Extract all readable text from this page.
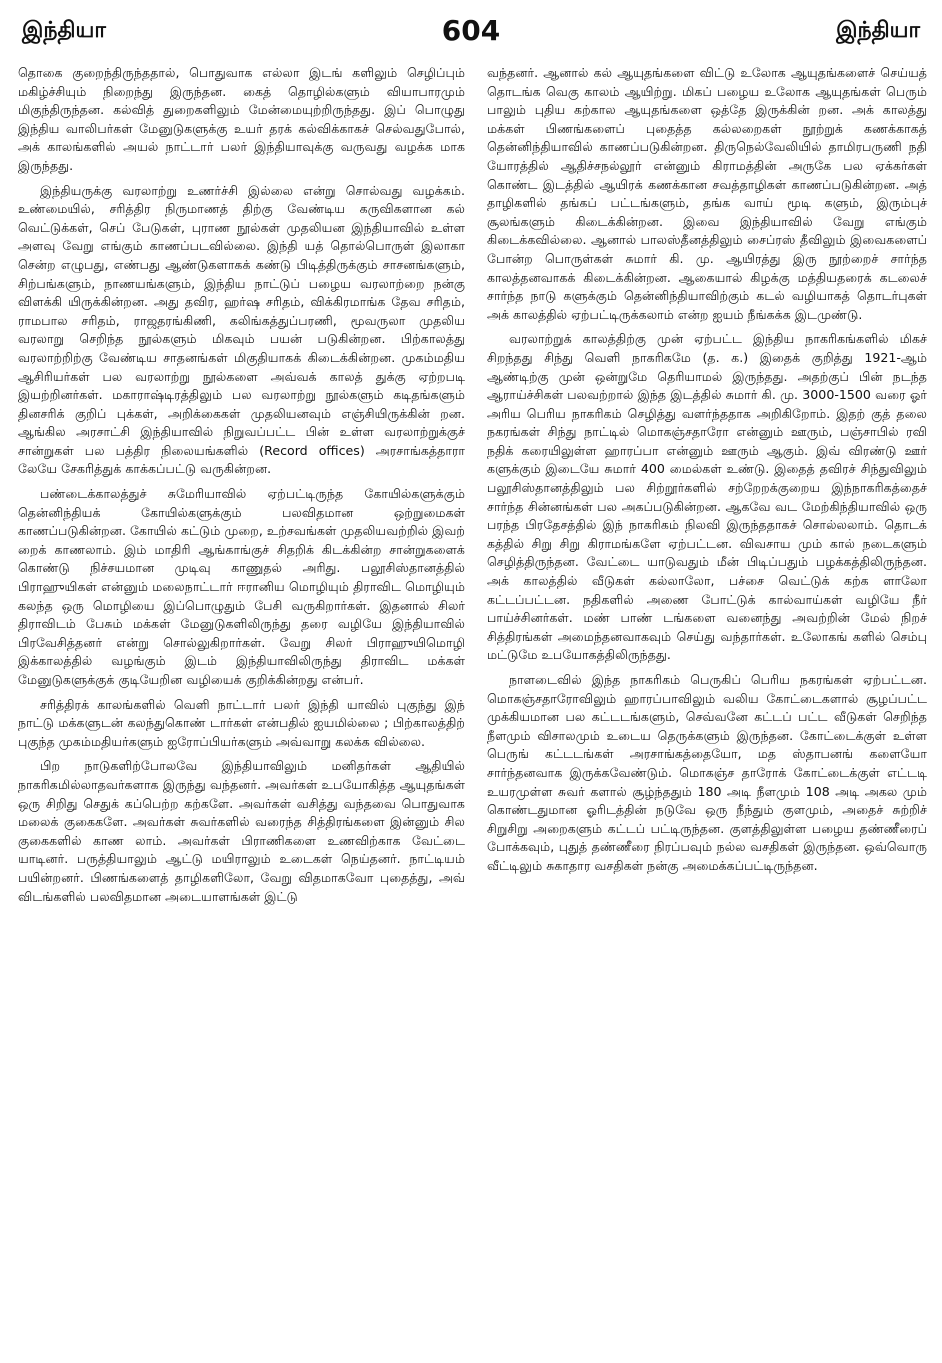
இந்தியா	604	இந்தியா

தொகை குறைந்திருந்ததால், பொதுவாக எல்லா இடங் களிலும் செழிப்பும் மகிழ்ச்சியும் நிறைந்து இருந்தன. கைத் தொழில்களும் வியாபாரமும் மிகுந்திருந்தன. கல்வித் துறைகளிலும் மேன்மையுற்றிருந்தது. இப் பொழுது இந்திய வாலிபர்கள் மேனுடுகளுக்கு உயர் தரக் கல்விக்காகச் செல்வதுபோல், அக் காலங்களில் அயல் நாட்டார் பலர் இந்தியாவுக்கு வருவது வழக்க மாக இருந்தது.

இந்தியருக்கு வரலாற்று உணர்ச்சி இல்லை என்று சொல்வது வழக்கம். உண்மையில், சரித்திர நிருமாணத் திற்கு வேண்டிய கருவிகளான கல் வெட்டுக்கள், செப் பேடுகள், புராண நூல்கள் முதலியன இந்தியாவில் உள்ள அளவு வேறு எங்கும் காணப்படவில்லை. இந்தி யத் தொல்பொருள் இலாகா சென்ற எழுபது, எண்பது ஆண்டுகளாகக் கண்டு பிடித்திருக்கும் சாசனங்களும், சிற்பங்களும், நாணயங்களும், இந்திய நாட்டுப் பழைய வரலாற்றை நன்கு விளக்கி யிருக்கின்றன. அது தவிர, ஹர்ஷ சரிதம், விக்கிரமாங்க தேவ சரிதம், ராமபால சரிதம், ராஜதரங்கிணி, கலிங்கத்துப்பரணி, மூவருலா முதலிய வரலாறு செறிந்த நூல்களும் மிகவும் பயன் படுகின்றன. பிற்காலத்து வரலாற்றிற்கு வேண்டிய சாதனங்கள் மிகுதியாகக் கிடைக்கின்றன. முகம்மதிய ஆசிரியர்கள் பல வரலாற்று நூல்களை அவ்வக் காலத் துக்கு ஏற்றபடி இயற்றினர்கள். மகாராஷ்டிரத்திலும் பல வரலாற்று நூல்களும் கடிதங்களும் தினசரிக் குறிப் புக்கள், அறிக்கைகள் முதலியனவும் எஞ்சியிருக்கின் றன. ஆங்கில அரசாட்சி இந்தியாவில் நிறுவப்பட்ட பின் உள்ள வரலாற்றுக்குச் சான்றுகள் பல பத்திர நிலையங்களில் (Record offices) அரசாங்கத்தாரா லேயே சேகரித்துக் காக்கப்பட்டு வருகின்றன.

பண்டைக்காலத்துச் சுமேரியாவில் ஏற்பட்டிருந்த கோயில்களுக்கும் தென்னிந்தியக் கோயில்களுக்கும் பலவிதமான ஒற்றுமைகள் காணப்படுகின்றன. கோயில் கட்டும் முறை, உற்சவங்கள் முதலியவற்றில் இவற் றைக் காணலாம். இம் மாதிரி ஆங்காங்குச் சிதறிக் கிடக்கின்ற சான்றுகளைக் கொண்டு நிச்சயமான முடிவு காணுதல் அரிது. பலூசிஸ்தானத்தில் பிராஹுயிகள் என்னும் மலைநாட்டார் ஈரானிய மொழியும் திராவிட மொழியும் கலந்த ஒரு மொழியை இப்பொழுதும் பேசி வருகிறார்கள். இதனால் சிலர் திராவிடம் பேசும் மக்கள் மேனுடுகளிலிருந்து தரை வழியே இந்தியாவில் பிரவேசித்தனர் என்று சொல்லுகிறார்கள். வேறு சிலர் பிராஹுயிமொழி இக்காலத்தில் வழங்கும் இடம் இந்தியாவிலிருந்து திராவிட மக்கள் மேனுடுகளுக்குக் குடியேறின வழியைக் குறிக்கின்றது என்பர்.

சரித்திரக் காலங்களில் வெளி நாட்டார் பலர் இந்தி யாவில் புகுந்து இந் நாட்டு மக்களுடன் கலந்துகொண் டார்கள் என்பதில் ஐயமில்லை ; பிற்காலத்திற் புகுந்த முகம்மதியர்களும் ஐரோப்பியர்களும் அவ்வாறு கலக்க வில்லை.

பிற நாடுகளிற்போலவே இந்தியாவிலும் மனிதர்கள் ஆதியில் நாகரிகமில்லாதவர்களாக இருந்து வந்தனர். அவர்கள் உபயோகித்த ஆயுதங்கள் ஒரு சிறிது செதுக் கப்பெற்ற கற்களே. அவர்கள் வசித்து வந்தவை பொதுவாக மலைக் குகைகளே. அவர்கள் சுவர்களில் வரைந்த சித்திரங்களை இன்னும் சில குகைகளில் காண லாம். அவர்கள் பிராணிகளை உணவிற்காக வேட்டை யாடினர். பருத்தியாலும் ஆட்டு மயிராலும் உடைகள் நெய்தனர். நாட்டியம் பயின்றனர். பிணங்களைத் தாழிகளிலோ, வேறு விதமாகவோ புதைத்து, அவ் விடங்களில் பலவிதமான அடையாளங்கள் இட்டு

வந்தனர். ஆனால் கல் ஆயுதங்களை விட்டு உலோக ஆயுதங்களைச் செய்யத் தொடங்க வெகு காலம் ஆயிற்று. மிகப் பழைய உலோக ஆயுதங்கள் பெரும் பாலும் புதிய கற்கால ஆயுதங்களை ஒத்தே இருக்கின் றன. அக் காலத்து மக்கள் பிணங்களைப் புதைத்த கல்லறைகள் நூற்றுக் கணக்காகத் தென்னிந்தியாவில் காணப்படுகின்றன. திருநெல்வேலியில் தாமிரபருணி நதி யோரத்தில் ஆதிச்சநல்லூர் என்னும் கிராமத்தின் அருகே பல ஏக்கர்கள் கொண்ட இடத்தில் ஆயிரக் கணக்கான சவத்தாழிகள் காணப்படுகின்றன. அத் தாழிகளில் தங்கப் பட்டங்களும், தங்க வாய் மூடி களும், இரும்புச் சூலங்களும் கிடைக்கின்றன. இவை இந்தியாவில் வேறு எங்கும் கிடைக்கவில்லை. ஆனால் பாலஸ்தீனத்திலும் சைப்ரஸ் தீவிலும் இவைகளைப் போன்ற பொருள்கள் சுமார் கி. மு. ஆயிரத்து இரு நூற்றைச் சார்ந்த காலத்தனவாகக் கிடைக்கின்றன. ஆகையால் கிழக்கு மத்தியதரைக் கடலைச் சார்ந்த நாடு களுக்கும் தென்னிந்தியாவிற்கும் கடல் வழியாகத் தொடர்புகள் அக் காலத்தில் ஏற்பட்டிருக்கலாம் என்ற ஐயம் நீங்கக்க இடமுண்டு.

வரலாற்றுக் காலத்திற்கு முன் ஏற்பட்ட இந்திய நாகரிகங்களில் மிகச் சிறந்தது சிந்து வெளி நாகரிகமே (த. க.) இதைக் குறித்து 1921-ஆம் ஆண்டிற்கு முன் ஒன்றுமே தெரியாமல் இருந்தது. அதற்குப் பின் நடந்த ஆராய்ச்சிகள் பலவற்றால் இந்த இடத்தில் சுமார் கி. மு. 3000-1500 வரை ஓர் அரிய பெரிய நாகரிகம் செழித்து வளர்ந்ததாக அறிகிறோம். இதற் குத் தலை நகரங்கள் சிந்து நாட்டில் மொகஞ்சதாரோ என்னும் ஊரும், பஞ்சாபில் ரவி நதிக் கரையிலுள்ள ஹாரப்பா என்னும் ஊரும் ஆகும். இவ் விரண்டு ஊர் களுக்கும் இடையே சுமார் 400 மைல்கள் உண்டு. இதைத் தவிரச் சிந்துவிலும் பலூசிஸ்தானத்திலும் பல சிற்றூர்களில் சற்றேறக்குறைய இந்நாகரிகத்தைச் சார்ந்த சின்னங்கள் பல அகப்படுகின்றன. ஆகவே வட மேற்கிந்தியாவில் ஒரு பரந்த பிரதேசத்தில் இந் நாகரிகம் நிலவி இருந்ததாகச் சொல்லலாம். தொடக் கத்தில் சிறு சிறு கிராமங்களே ஏற்பட்டன. விவசாய மும் கால் நடைகளும் செழித்திருந்தன. வேட்டை யாடுவதும் மீன் பிடிப்பதும் பழக்கத்திலிருந்தன. அக் காலத்தில் வீடுகள் கல்லாலோ, பச்சை வெட்டுக் கற்க ளாலோ கட்டப்பட்டன. நதிகளில் அணை போட்டுக் கால்வாய்கள் வழியே நீர் பாய்ச்சினர்கள். மண் பாண் டங்களை வனைந்து அவற்றின் மேல் நிறச் சித்திரங்கள் அமைந்தனவாகவும் செய்து வந்தார்கள். உலோகங் களில் செம்பு மட்டுமே உபயோகத்திலிருந்தது.

நாளடைவில் இந்த நாகரிகம் பெருகிப் பெரிய நகரங்கள் ஏற்பட்டன. மொகஞ்சதாரோவிலும் ஹாரப்பாவிலும் வலிய கோட்டைகளால் சூழப்பட்ட முக்கியமான பல கட்டடங்களும், செவ்வனே கட்டப் பட்ட வீடுகள் செறிந்த நீளமும் விசாலமும் உடைய தெருக்களும் இருந்தன. கோட்டைக்குள் உள்ள பெருங் கட்டடங்கள் அரசாங்கத்தையோ, மத ஸ்தாபனங் களையோ சார்ந்தனவாக இருக்கவேண்டும். மொகஞ்ச தாரோக் கோட்டைக்குள் எட்டடி உயரமுள்ள சுவர் களால் சூழ்ந்ததும் 180 அடி நீளமும் 108 அடி அகல மும் கொண்டதுமான ஓரிடத்தின் நடுவே ஒரு நீந்தும் குளமும், அதைச் சுற்றிச் சிறுசிறு அறைகளும் கட்டப் பட்டிருந்தன. குளத்திலுள்ள பழைய தண்ணீரைப் போக்கவும், புதுத் தண்ணீரை நிரப்பவும் நல்ல வசதிகள் இருந்தன. ஒவ்வொரு வீட்டிலும் சுகாதார வசதிகள் நன்கு அமைக்கப்பட்டிருந்தன.
